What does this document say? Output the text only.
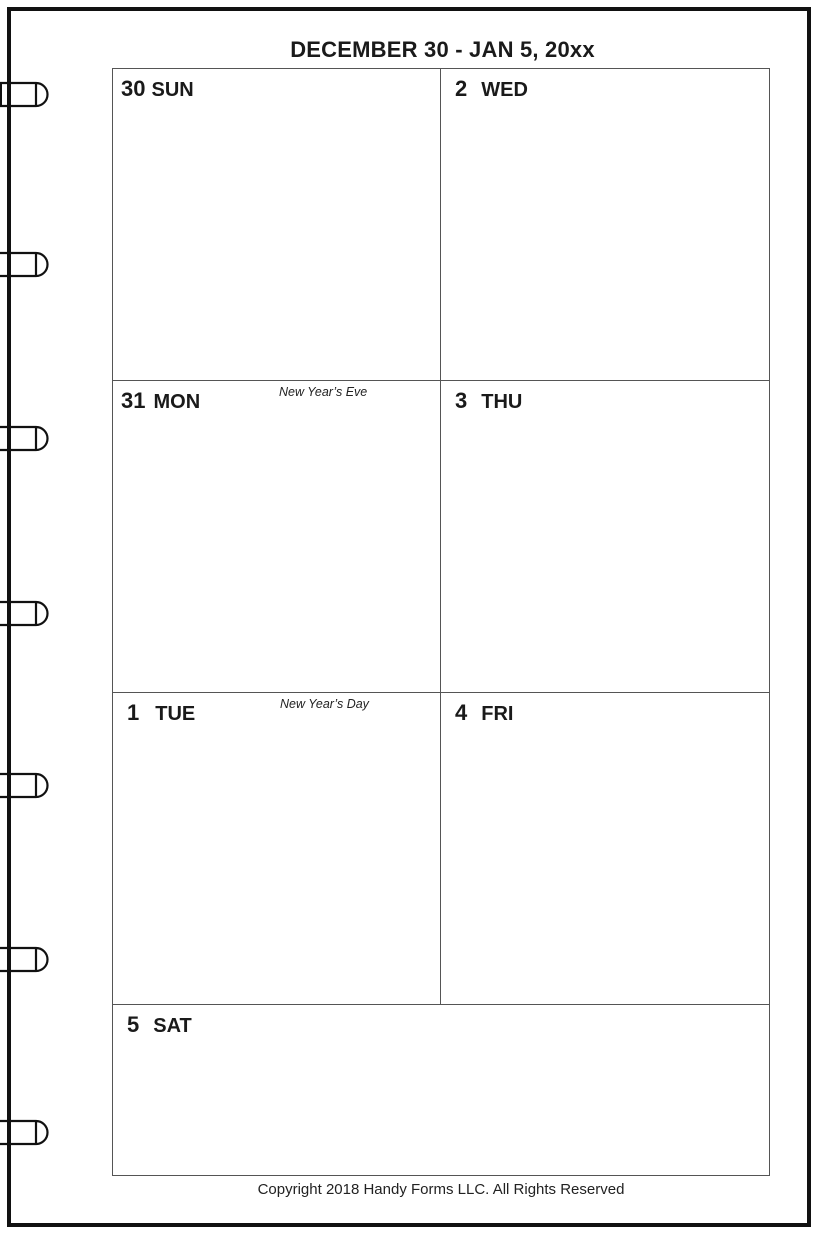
DECEMBER 30 - JAN 5, 20xx
30 SUN	2 WED
31 MON	New Year’s Eve	3 THU
1 TUE	New Year’s Day	4 FRI
5 SAT
Copyright 2018 Handy Forms LLC. All Rights Reserved
